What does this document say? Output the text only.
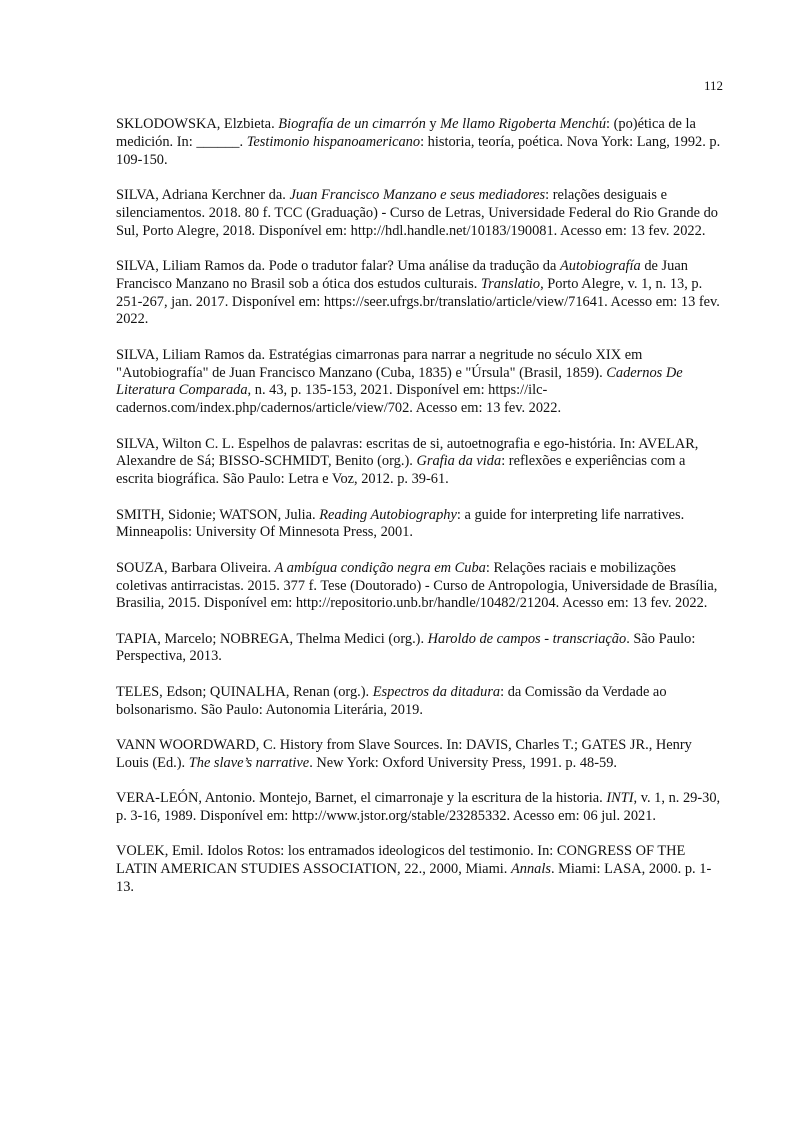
112

SKLODOWSKA, Elzbieta. Biografía de un cimarrón y Me llamo Rigoberta Menchú: (po)ética de la medición. In: ______. Testimonio hispanoamericano: historia, teoría, poética. Nova York: Lang, 1992. p. 109-150.

SILVA, Adriana Kerchner da. Juan Francisco Manzano e seus mediadores: relações desiguais e silenciamentos. 2018. 80 f. TCC (Graduação) - Curso de Letras, Universidade Federal do Rio Grande do Sul, Porto Alegre, 2018. Disponível em: http://hdl.handle.net/10183/190081. Acesso em: 13 fev. 2022.

SILVA, Liliam Ramos da. Pode o tradutor falar? Uma análise da tradução da Autobiografía de Juan Francisco Manzano no Brasil sob a ótica dos estudos culturais. Translatio, Porto Alegre, v. 1, n. 13, p. 251-267, jan. 2017. Disponível em: https://seer.ufrgs.br/translatio/article/view/71641. Acesso em: 13 fev. 2022.

SILVA, Liliam Ramos da. Estratégias cimarronas para narrar a negritude no século XIX em "Autobiografía" de Juan Francisco Manzano (Cuba, 1835) e "Úrsula" (Brasil, 1859). Cadernos De Literatura Comparada, n. 43, p. 135-153, 2021. Disponível em: https://ilc-cadernos.com/index.php/cadernos/article/view/702. Acesso em: 13 fev. 2022.

SILVA, Wilton C. L. Espelhos de palavras: escritas de si, autoetnografia e ego-história. In: AVELAR, Alexandre de Sá; BISSO-SCHMIDT, Benito (org.). Grafia da vida: reflexões e experiências com a escrita biográfica. São Paulo: Letra e Voz, 2012. p. 39-61.

SMITH, Sidonie; WATSON, Julia. Reading Autobiography: a guide for interpreting life narratives. Minneapolis: University Of Minnesota Press, 2001.

SOUZA, Barbara Oliveira. A ambígua condição negra em Cuba: Relações raciais e mobilizações coletivas antirracistas. 2015. 377 f. Tese (Doutorado) - Curso de Antropologia, Universidade de Brasília, Brasilia, 2015. Disponível em: http://repositorio.unb.br/handle/10482/21204. Acesso em: 13 fev. 2022.

TAPIA, Marcelo; NOBREGA, Thelma Medici (org.). Haroldo de campos - transcriação. São Paulo: Perspectiva, 2013.

TELES, Edson; QUINALHA, Renan (org.). Espectros da ditadura: da Comissão da Verdade ao bolsonarismo. São Paulo: Autonomia Literária, 2019.

VANN WOORDWARD, C. History from Slave Sources. In: DAVIS, Charles T.; GATES JR., Henry Louis (Ed.). The slave’s narrative. New York: Oxford University Press, 1991. p. 48-59.

VERA-LEÓN, Antonio. Montejo, Barnet, el cimarronaje y la escritura de la historia. INTI, v. 1, n. 29-30, p. 3-16, 1989. Disponível em: http://www.jstor.org/stable/23285332. Acesso em: 06 jul. 2021.

VOLEK, Emil. Idolos Rotos: los entramados ideologicos del testimonio. In: CONGRESS OF THE LATIN AMERICAN STUDIES ASSOCIATION, 22., 2000, Miami. Annals. Miami: LASA, 2000. p. 1-13.
